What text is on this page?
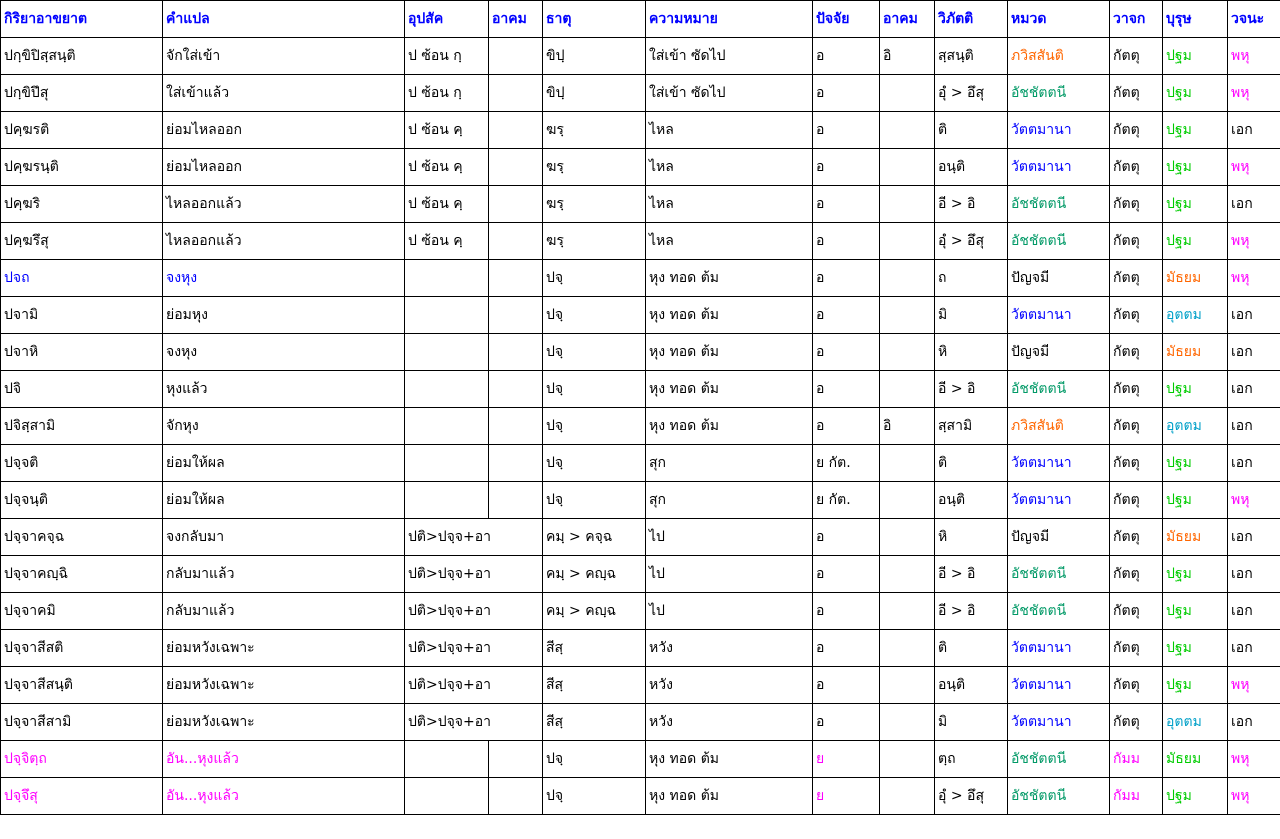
กิริยาอาขยาต	คำแปล	อุปสัค	อาคม	ธาตุ	ความหมาย	ปัจจัย	อาคม	วิภัตติ	หมวด	วาจก	บุรุษ	วจนะ
ปกฺขิปิสฺสนฺติ	จักใส่เข้า	ป ซ้อน กฺ		ขิปฺ	ใส่เข้า ซัดไป	อ	อิ	สฺสนฺติ	ภวิสสันติ	กัตตุ	ปฐม	พหุ
ปกฺขิปึสุ	ใส่เข้าแล้ว	ป ซ้อน กฺ		ขิปฺ	ใส่เข้า ซัดไป	อ		อุํ > อึสุ	อัชชัตตนี	กัตตุ	ปฐม	พหุ
ปคฺฆรติ	ย่อมไหลออก	ป ซ้อน คฺ		ฆรฺ	ไหล	อ		ติ	วัตตมานา	กัตตุ	ปฐม	เอก
ปคฺฆรนฺติ	ย่อมไหลออก	ป ซ้อน คฺ		ฆรฺ	ไหล	อ		อนฺติ	วัตตมานา	กัตตุ	ปฐม	พหุ
ปคฺฆริ	ไหลออกแล้ว	ป ซ้อน คฺ		ฆรฺ	ไหล	อ		อี > อิ	อัชชัตตนี	กัตตุ	ปฐม	เอก
ปคฺฆรึสุ	ไหลออกแล้ว	ป ซ้อน คฺ		ฆรฺ	ไหล	อ		อุํ > อึสุ	อัชชัตตนี	กัตตุ	ปฐม	พหุ
ปจถ	จงหุง			ปจฺ	หุง ทอด ต้ม	อ		ถ	ปัญจมี	กัตตุ	มัธยม	พหุ
ปจามิ	ย่อมหุง			ปจฺ	หุง ทอด ต้ม	อ		มิ	วัตตมานา	กัตตุ	อุตตม	เอก
ปจาหิ	จงหุง			ปจฺ	หุง ทอด ต้ม	อ		หิ	ปัญจมี	กัตตุ	มัธยม	เอก
ปจิ	หุงแล้ว			ปจฺ	หุง ทอด ต้ม	อ		อี > อิ	อัชชัตตนี	กัตตุ	ปฐม	เอก
ปจิสฺสามิ	จักหุง			ปจฺ	หุง ทอด ต้ม	อ	อิ	สฺสามิ	ภวิสสันติ	กัตตุ	อุตตม	เอก
ปจฺจติ	ย่อมให้ผล			ปจฺ	สุก	ย กัต.		ติ	วัตตมานา	กัตตุ	ปฐม	เอก
ปจฺจนฺติ	ย่อมให้ผล			ปจฺ	สุก	ย กัต.		อนฺติ	วัตตมานา	กัตตุ	ปฐม	พหุ
ปจฺจาคจฺฉ	จงกลับมา	ปติ>ปจฺจ+อา		คมฺ > คจฺฉ	ไป	อ		หิ	ปัญจมี	กัตตุ	มัธยม	เอก
ปจฺจาคญฺฉิ	กลับมาแล้ว	ปติ>ปจฺจ+อา		คมฺ > คญฺฉ	ไป	อ		อี > อิ	อัชชัตตนี	กัตตุ	ปฐม	เอก
ปจฺจาคมิ	กลับมาแล้ว	ปติ>ปจฺจ+อา		คมฺ > คญฺฉ	ไป	อ		อี > อิ	อัชชัตตนี	กัตตุ	ปฐม	เอก
ปจฺจาสีสติ	ย่อมหวังเฉพาะ	ปติ>ปจฺจ+อา		สีสฺ	หวัง	อ		ติ	วัตตมานา	กัตตุ	ปฐม	เอก
ปจฺจาสีสนฺติ	ย่อมหวังเฉพาะ	ปติ>ปจฺจ+อา		สีสฺ	หวัง	อ		อนฺติ	วัตตมานา	กัตตุ	ปฐม	พหุ
ปจฺจาสีสามิ	ย่อมหวังเฉพาะ	ปติ>ปจฺจ+อา		สีสฺ	หวัง	อ		มิ	วัตตมานา	กัตตุ	อุตตม	เอก
ปจฺจิตฺถ	อัน...หุงแล้ว			ปจฺ	หุง ทอด ต้ม	ย		ตฺถ	อัชชัตตนี	กัมม	มัธยม	พหุ
ปจฺจึสุ	อัน...หุงแล้ว			ปจฺ	หุง ทอด ต้ม	ย		อุํ > อึสุ	อัชชัตตนี	กัมม	ปฐม	พหุ
